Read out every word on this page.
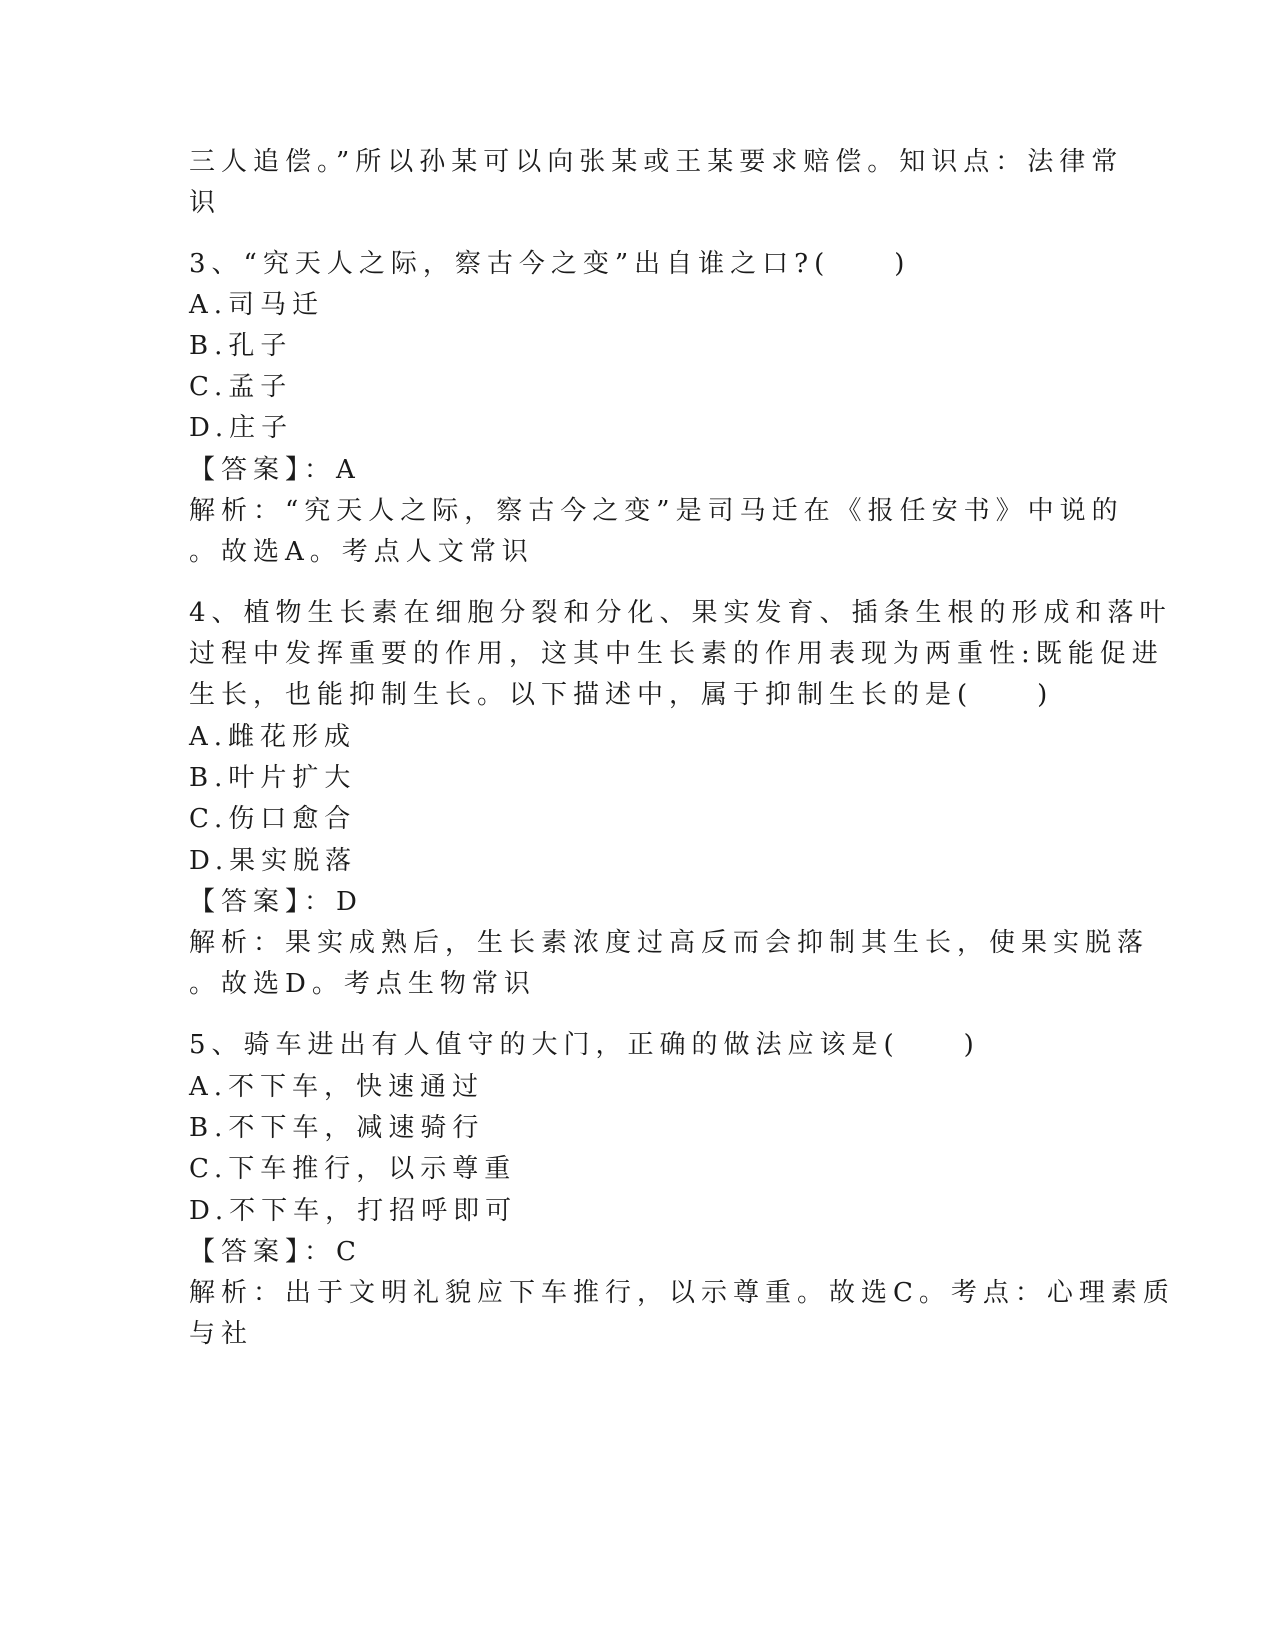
三人追偿。”所以孙某可以向张某或王某要求赔偿。知识点：法律常

识

3、“究天人之际，察古今之变”出自谁之口?(　　)

A.司马迁

B.孔子

C.孟子

D.庄子

【答案】：A

解析：“究天人之际，察古今之变”是司马迁在《报任安书》中说的

。故选A。考点人文常识

4、植物生长素在细胞分裂和分化、果实发育、插条生根的形成和落叶

过程中发挥重要的作用，这其中生长素的作用表现为两重性:既能促进

生长，也能抑制生长。以下描述中，属于抑制生长的是(　　)

A.雌花形成

B.叶片扩大

C.伤口愈合

D.果实脱落

【答案】：D

解析：果实成熟后，生长素浓度过高反而会抑制其生长，使果实脱落

。故选D。考点生物常识

5、骑车进出有人值守的大门，正确的做法应该是(　　)

A.不下车，快速通过

B.不下车，减速骑行

C.下车推行，以示尊重

D.不下车，打招呼即可

【答案】：C

解析：出于文明礼貌应下车推行，以示尊重。故选C。考点：心理素质

与社
